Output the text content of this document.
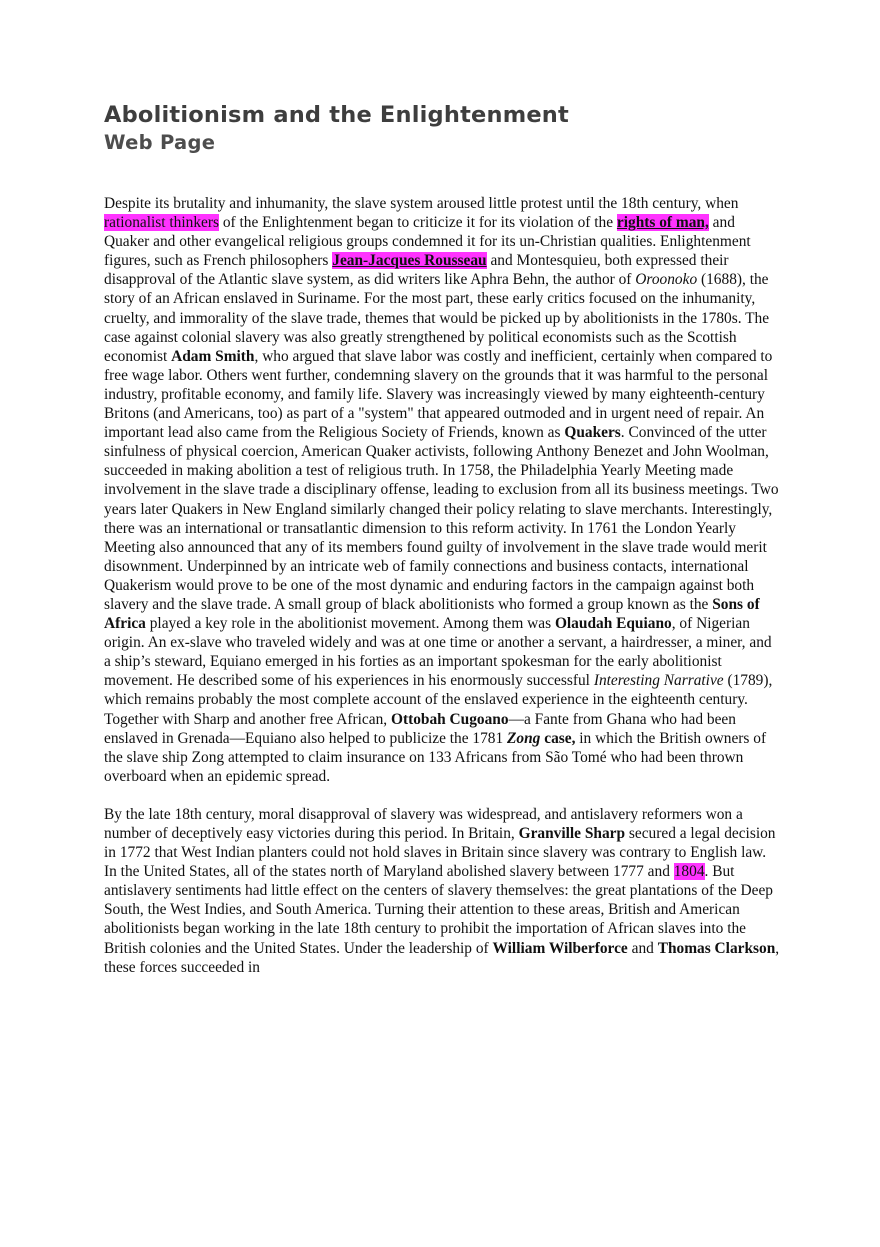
Abolitionism and the Enlightenment
Web Page

Despite its brutality and inhumanity, the slave system aroused little protest until the 18th century, when rationalist thinkers of the Enlightenment began to criticize it for its violation of the rights of man, and Quaker and other evangelical religious groups condemned it for its un-Christian qualities. Enlightenment figures, such as French philosophers Jean-Jacques Rousseau and Montesquieu, both expressed their disapproval of the Atlantic slave system, as did writers like Aphra Behn, the author of Oroonoko (1688), the story of an African enslaved in Suriname. For the most part, these early critics focused on the inhumanity, cruelty, and immorality of the slave trade, themes that would be picked up by abolitionists in the 1780s. The case against colonial slavery was also greatly strengthened by political economists such as the Scottish economist Adam Smith, who argued that slave labor was costly and inefficient, certainly when compared to free wage labor. Others went further, condemning slavery on the grounds that it was harmful to the personal industry, profitable economy, and family life. Slavery was increasingly viewed by many eighteenth-century Britons (and Americans, too) as part of a "system" that appeared outmoded and in urgent need of repair. An important lead also came from the Religious Society of Friends, known as Quakers. Convinced of the utter sinfulness of physical coercion, American Quaker activists, following Anthony Benezet and John Woolman, succeeded in making abolition a test of religious truth. In 1758, the Philadelphia Yearly Meeting made involvement in the slave trade a disciplinary offense, leading to exclusion from all its business meetings. Two years later Quakers in New England similarly changed their policy relating to slave merchants. Interestingly, there was an international or transatlantic dimension to this reform activity. In 1761 the London Yearly Meeting also announced that any of its members found guilty of involvement in the slave trade would merit disownment. Underpinned by an intricate web of family connections and business contacts, international Quakerism would prove to be one of the most dynamic and enduring factors in the campaign against both slavery and the slave trade. A small group of black abolitionists who formed a group known as the Sons of Africa played a key role in the abolitionist movement. Among them was Olaudah Equiano, of Nigerian origin. An ex-slave who traveled widely and was at one time or another a servant, a hairdresser, a miner, and a ship’s steward, Equiano emerged in his forties as an important spokesman for the early abolitionist movement. He described some of his experiences in his enormously successful Interesting Narrative (1789), which remains probably the most complete account of the enslaved experience in the eighteenth century. Together with Sharp and another free African, Ottobah Cugoano—a Fante from Ghana who had been enslaved in Grenada—Equiano also helped to publicize the 1781 Zong case, in which the British owners of the slave ship Zong attempted to claim insurance on 133 Africans from São Tomé who had been thrown overboard when an epidemic spread.

By the late 18th century, moral disapproval of slavery was widespread, and antislavery reformers won a number of deceptively easy victories during this period. In Britain, Granville Sharp secured a legal decision in 1772 that West Indian planters could not hold slaves in Britain since slavery was contrary to English law. In the United States, all of the states north of Maryland abolished slavery between 1777 and 1804. But antislavery sentiments had little effect on the centers of slavery themselves: the great plantations of the Deep South, the West Indies, and South America. Turning their attention to these areas, British and American abolitionists began working in the late 18th century to prohibit the importation of African slaves into the British colonies and the United States. Under the leadership of William Wilberforce and Thomas Clarkson, these forces succeeded in
